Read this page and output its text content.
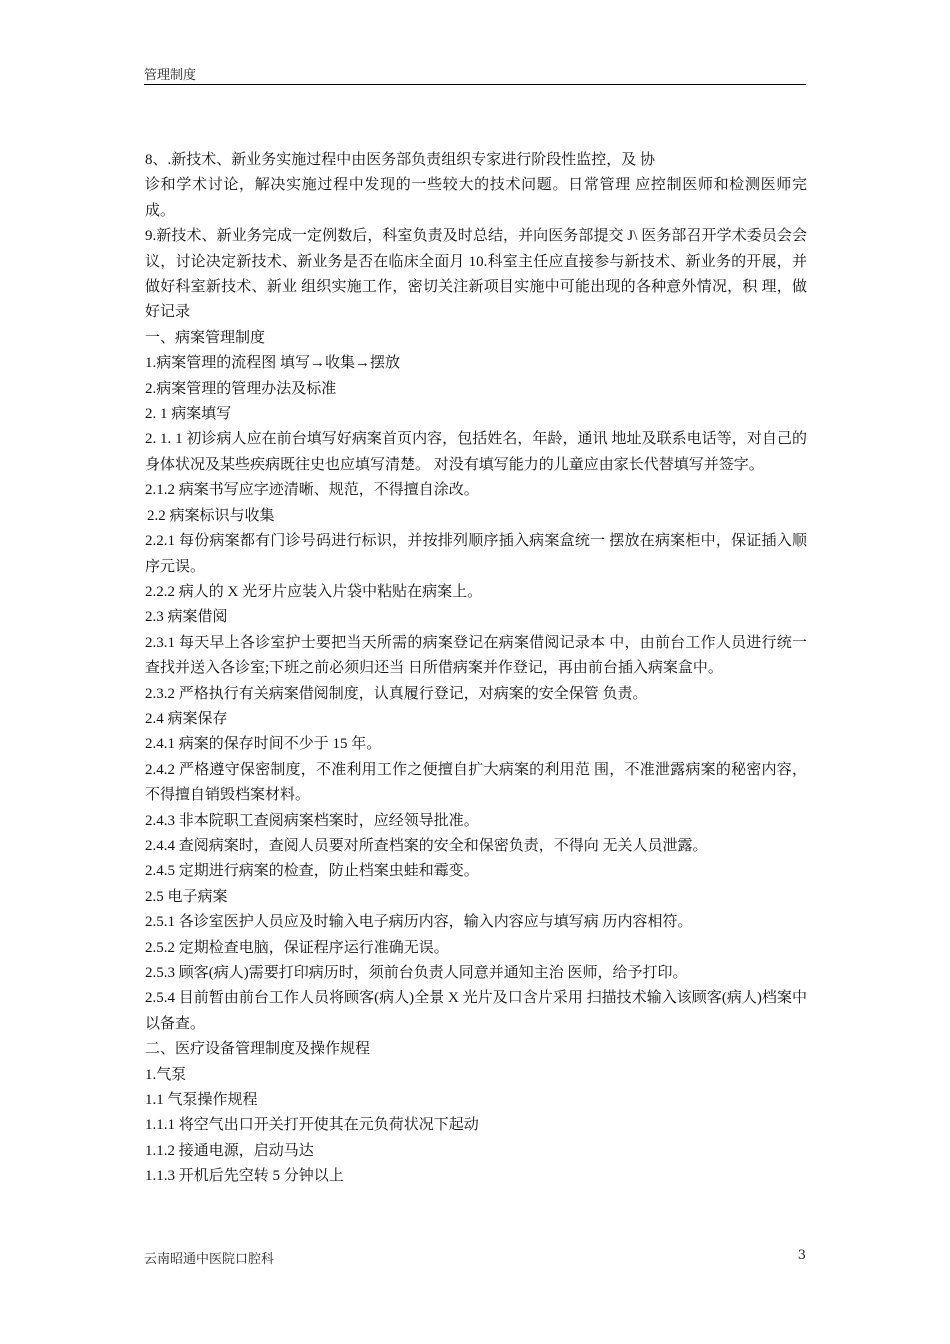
管理制度

8、.新技术、新业务实施过程中由医务部负责组织专家进行阶段性监控，及 协

诊和学术讨论，解决实施过程中发现的一些较大的技术问题。日常管理 应控制医师和检测医师完成。

9.新技术、新业务完成一定例数后，科室负责及时总结，并向医务部提交 J\ 医务部召开学术委员会会议，讨论决定新技术、新业务是否在临床全面月 10.科室主任应直接参与新技术、新业务的开展，并做好科室新技术、新业 组织实施工作，密切关注新项目实施中可能出现的各种意外情况，积 理，做好记录

一、病案管理制度

1.病案管理的流程图 填写→收集→摆放

2.病案管理的管理办法及标准

2. 1 病案填写

2. 1. 1 初诊病人应在前台填写好病案首页内容，包括姓名，年龄，通讯 地址及联系电话等，对自己的身体状况及某些疾病既往史也应填写清楚。 对没有填写能力的儿童应由家长代替填写并签字。

2.1.2 病案书写应字迹清晰、规范，不得擅自涂改。

2.2 病案标识与收集

2.2.1 每份病案都有门诊号码进行标识，并按排列顺序插入病案盒统一 摆放在病案柜中，保证插入顺序元误。

2.2.2 病人的 X 光牙片应装入片袋中粘贴在病案上。

2.3 病案借阅

2.3.1 每天早上各诊室护士要把当天所需的病案登记在病案借阅记录本 中，由前台工作人员进行统一查找并送入各诊室;下班之前必须归还当 日所借病案并作登记，再由前台插入病案盒中。

2.3.2 严格执行有关病案借阅制度，认真履行登记，对病案的安全保管 负责。

2.4 病案保存

2.4.1 病案的保存时间不少于 15 年。

2.4.2 严格遵守保密制度，不准利用工作之便擅自扩大病案的利用范 围，不准泄露病案的秘密内容，不得擅自销毁档案材料。

2.4.3 非本院职工查阅病案档案时，应经领导批准。

2.4.4 查阅病案时，查阅人员要对所查档案的安全和保密负责，不得向 无关人员泄露。

2.4.5 定期进行病案的检查，防止档案虫蛙和霉变。

2.5 电子病案

2.5.1 各诊室医护人员应及时输入电子病历内容，输入内容应与填写病 历内容相符。

2.5.2 定期检查电脑，保证程序运行准确无误。

2.5.3 顾客(病人)需要打印病历时，须前台负责人同意并通知主治 医师，给予打印。

2.5.4 目前暂由前台工作人员将顾客(病人)全景 X 光片及口含片采用 扫描技术输入该顾客(病人)档案中以备查。

二、医疗设备管理制度及操作规程

1.气泵

1.1 气泵操作规程

1.1.1 将空气出口开关打开使其在元负荷状况下起动

1.1.2 接通电源，启动马达

1.1.3 开机后先空转 5 分钟以上

云南昭通中医院口腔科	3
